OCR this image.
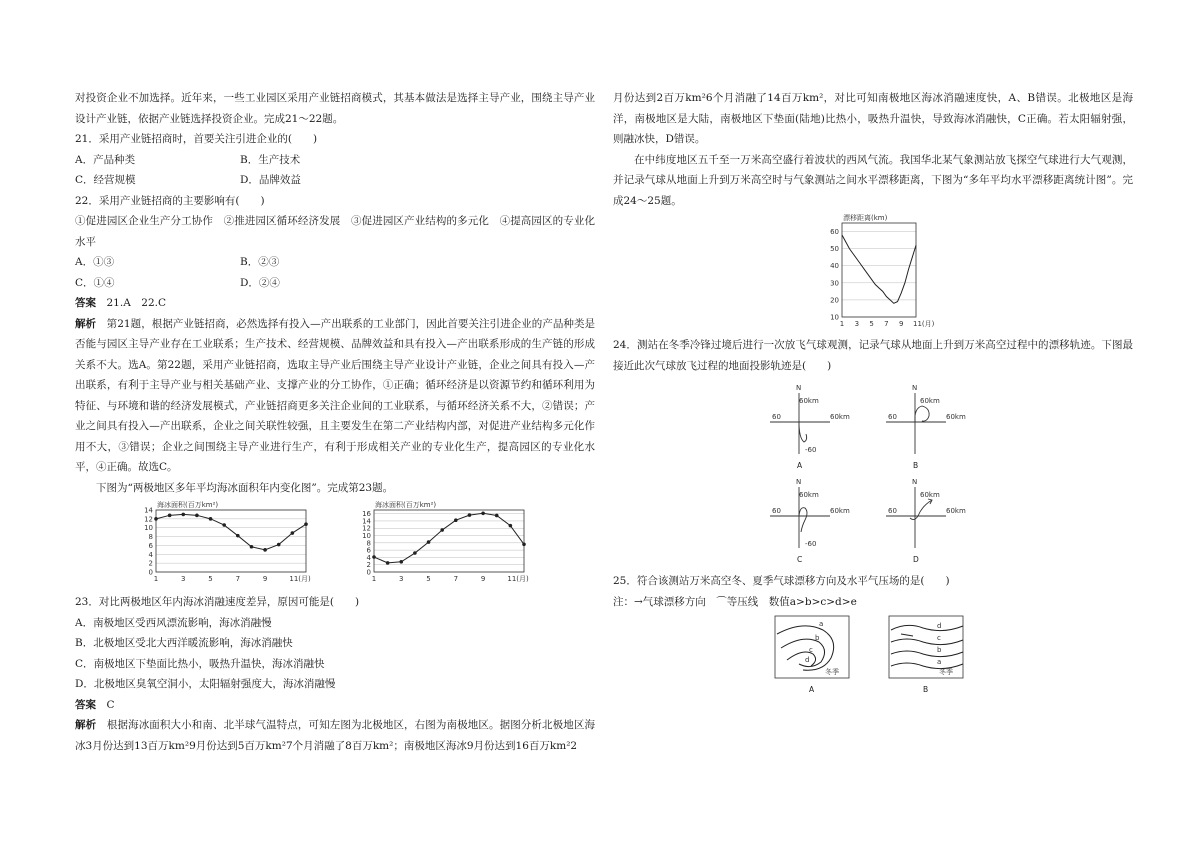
对投资企业不加选择。近年来，一些工业园区采用产业链招商模式，其基本做法是选择主导产业，围绕主导产业设计产业链，依据产业链选择投资企业。完成21～22题。

21．采用产业链招商时，首要关注引进企业的(　　)

A．产品种类	B．生产技术
C．经营规模	D．品牌效益

22．采用产业链招商的主要影响有(　　)

①促进园区企业生产分工协作　②推进园区循环经济发展　③促进园区产业结构的多元化　④提高园区的专业化水平

A．①③	B．②③
C．①④	D．②④

答案　21.A　22.C

解析　第21题，根据产业链招商，必然选择有投入—产出联系的工业部门，因此首要关注引进企业的产品种类是否能与园区主导产业存在工业联系；生产技术、经营规模、品牌效益和具有投入—产出联系形成的生产链的形成关系不大。选A。第22题，采用产业链招商，选取主导产业后围绕主导产业设计产业链，企业之间具有投入—产出联系，有利于主导产业与相关基础产业、支撑产业的分工协作，①正确；循环经济是以资源节约和循环利用为特征、与环境和谐的经济发展模式，产业链招商更多关注企业间的工业联系，与循环经济关系不大，②错误；产业之间具有投入—产出联系，企业之间关联性较强，且主要发生在第二产业结构内部，对促进产业结构多元化作用不大，③错误；企业之间围绕主导产业进行生产，有利于形成相关产业的专业化生产，提高园区的专业化水平，④正确。故选C。

下图为“两极地区多年平均海冰面积年内变化图”。完成第23题。

0
2
4
6
8
10
12
14
1	3	5	7	9	11(月)
海冰面积(百万km²)
0
2
4
6
8
10
12
14
16
1	3	5	7	9	11(月)
海冰面积(百万km²)

23．对比两极地区年内海冰消融速度差异，原因可能是(　　)

A．南极地区受西风漂流影响，海冰消融慢

B．北极地区受北大西洋暖流影响，海冰消融快

C．南极地区下垫面比热小，吸热升温快，海冰消融快

D．北极地区臭氧空洞小，太阳辐射强度大，海冰消融慢

答案　C

解析　根据海冰面积大小和南、北半球气温特点，可知左图为北极地区，右图为南极地区。据图分析北极地区海冰3月份达到13百万km²9月份达到5百万km²7个月消融了8百万km²；南极地区海冰9月份达到16百万km²2

月份达到2百万km²6个月消融了14百万km²，对比可知南极地区海冰消融速度快，A、B错误。北极地区是海洋，南极地区是大陆，南极地区下垫面(陆地)比热小，吸热升温快，导致海冰消融快，C正确。若太阳辐射强，则融冰快，D错误。

在中纬度地区五千至一万米高空盛行着波状的西风气流。我国华北某气象测站放飞探空气球进行大气观测，并记录气球从地面上升到万米高空时与气象测站之间水平漂移距离，下图为“多年平均水平漂移距离统计图”。完成24～25题。

10
20
30
40
50
60
1 3 5 7 9 11(月)
漂移距离(km)

24．测站在冬季冷锋过境后进行一次放飞气球观测，记录气球从地面上升到万米高空过程中的漂移轨迹。下图最接近此次气球放飞过程的地面投影轨迹是(　　)

N
60km
60	60km
-60
A
N
60km
60	60km
B
N
60km
60	60km
-60
C
N
60km
60	60km
D

25．符合该测站万米高空冬、夏季气球漂移方向及水平气压场的是(　　)

注：→气球漂移方向　⌒等压线　数值a>b>c>d>e

a
b
c
d
冬季
A
d
c
b
a
冬季
B
